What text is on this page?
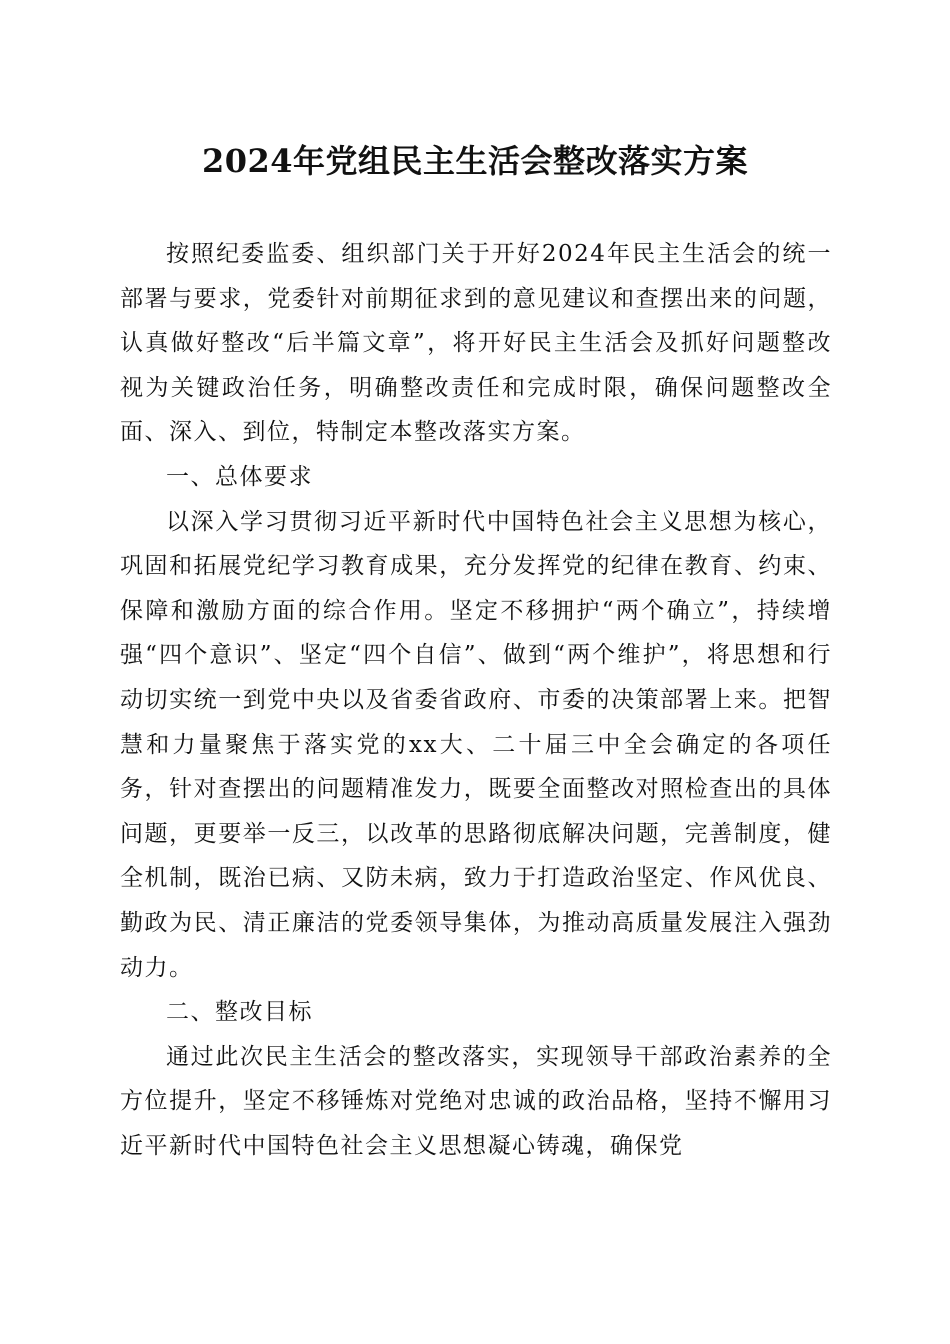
2024年党组民主生活会整改落实方案

按照纪委监委、组织部门关于开好2024年民主生活会的统一部署与要求，党委针对前期征求到的意见建议和查摆出来的问题，认真做好整改“后半篇文章”，将开好民主生活会及抓好问题整改视为关键政治任务，明确整改责任和完成时限，确保问题整改全面、深入、到位，特制定本整改落实方案。

一、总体要求

以深入学习贯彻习近平新时代中国特色社会主义思想为核心，巩固和拓展党纪学习教育成果，充分发挥党的纪律在教育、约束、保障和激励方面的综合作用。坚定不移拥护“两个确立”，持续增强“四个意识”、坚定“四个自信”、做到“两个维护”，将思想和行动切实统一到党中央以及省委省政府、市委的决策部署上来。把智慧和力量聚焦于落实党的xx大、二十届三中全会确定的各项任务，针对查摆出的问题精准发力，既要全面整改对照检查出的具体问题，更要举一反三，以改革的思路彻底解决问题，完善制度，健全机制，既治已病、又防未病，致力于打造政治坚定、作风优良、勤政为民、清正廉洁的党委领导集体，为推动高质量发展注入强劲动力。

二、整改目标

通过此次民主生活会的整改落实，实现领导干部政治素养的全方位提升，坚定不移锤炼对党绝对忠诚的政治品格，坚持不懈用习近平新时代中国特色社会主义思想凝心铸魂，确保党
